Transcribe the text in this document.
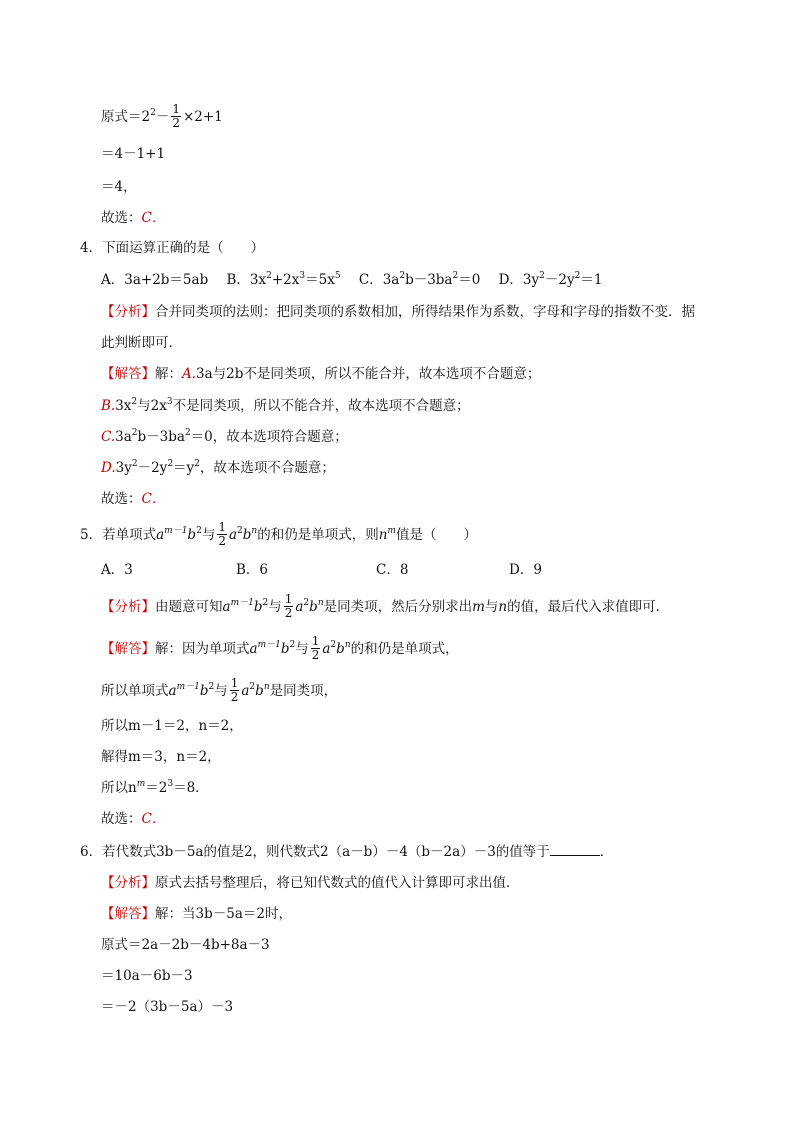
原式$=2^2- \frac{1}{2} \times 2+1$
＝4－1+1
＝4，
故选：C．
4．下面运算正确的是（　　）
A．3a+2b＝5ab B．$3x^2+2x^3=5x^5$ C．$3a^2b-3ba^2=0$ D．$3y^2-2y^2=1$
【分析】合并同类项的法则：把同类项的系数相加，所得结果作为系数，字母和字母的指数不变．据
此判断即可．
【解答】解：A.3a与2b不是同类项，所以不能合并，故本选项不合题意；
$B.3x^2$与$2x^3$不是同类项，所以不能合并，故本选项不合题意；
$C.3a^2b-3ba^2=0$，故本选项符合题意；
$D.3y^2-2y^2=y^2$，故本选项不合题意；
故选：C．
5．若单项式$a^{m-1}b^2$与 $\frac{1}{2} a^2b^n$的和仍是单项式，则$n^m$值是（　　）
A．3	B．6	C．8	D．9
【分析】由题意可知$a^{m-1}b^2$与 $\frac{1}{2} a^2b^n$是同类项，然后分别求出m与n的值，最后代入求值即可．
【解答】解：因为单项式$a^{m-1}b^2$与 $\frac{1}{2} a^2b^n$的和仍是单项式，
所以单项式$a^{m-1}b^2$与 $\frac{1}{2} a^2b^n$是同类项，
所以m－1＝2，n＝2，
解得m＝3，n＝2，
所以$n^m=2^3=8$．
故选：C．
6．若代数式3b－5a的值是2，则代数式2（a－b）－4（b－2a）－3的值等于	．
【分析】原式去括号整理后，将已知代数式的值代入计算即可求出值．
【解答】解：当3b－5a＝2时，
原式＝2a－2b－4b+8a－3
＝10a－6b－3
＝－2（3b－5a）－3
